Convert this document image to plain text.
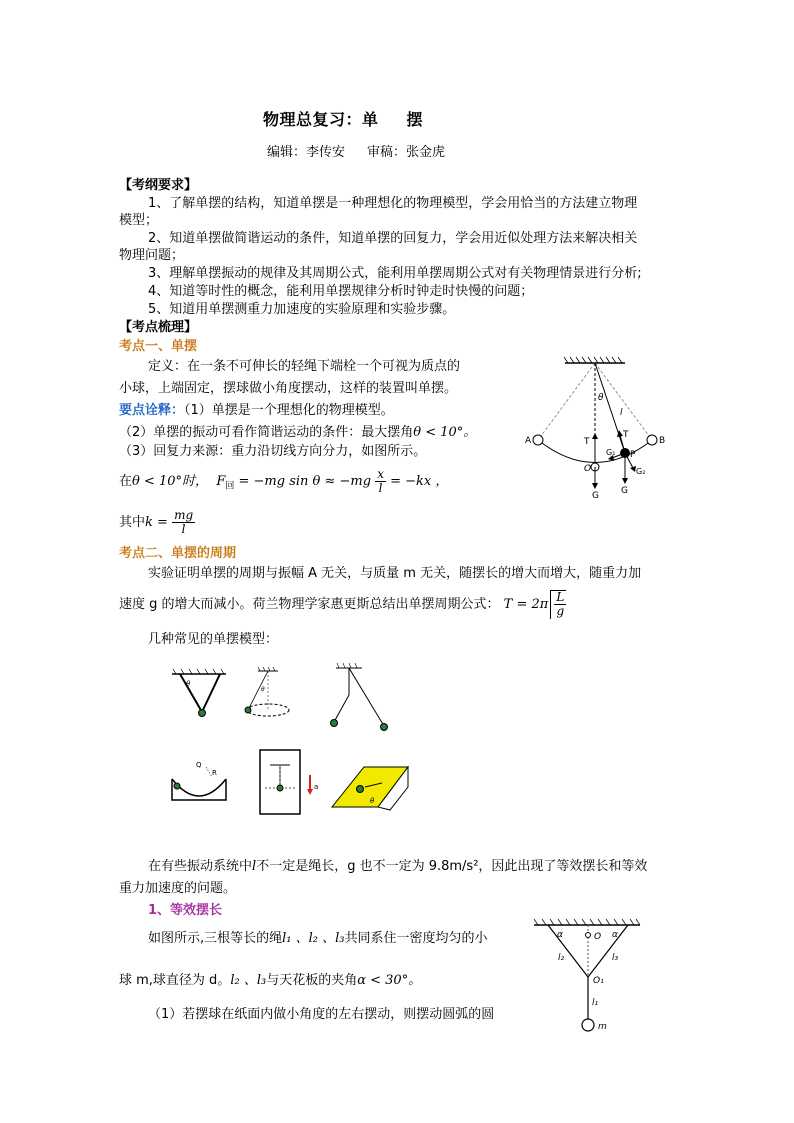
物理总复习：单 摆
编辑：李传安 审稿：张金虎
【考纲要求】
1、了解单摆的结构，知道单摆是一种理想化的物理模型，学会用恰当的方法建立物理
模型；
2、知道单摆做简谐运动的条件，知道单摆的回复力，学会用近似处理方法来解决相关
物理问题；
3、理解单摆振动的规律及其周期公式，能利用单摆周期公式对有关物理情景进行分析;
4、知道等时性的概念，能利用单摆规律分析时钟走时快慢的问题；
5、知道用单摆测重力加速度的实验原理和实验步骤。
【考点梳理】
考点一、单摆
定义：在一条不可伸长的轻绳下端栓一个可视为质点的
小球，上端固定，摆球做小角度摆动，这样的装置叫单摆。
要点诠释：（1）单摆是一个理想化的物理模型。
（2）单摆的振动可看作简谐运动的条件：最大摆角θ < 10°。
（3）回复力来源：重力沿切线方向分力，如图所示。
在θ < 10°时， $F_回 = -mg$ $\sin \theta \approx -mg \frac{x}{l} = -kx$ ，
其中$k = \frac{mg}{l}$
考点二、单摆的周期
实验证明单摆的周期与振幅 A 无关，与质量 m 无关，随摆长的增大而增大，随重力加
速度 g 的增大而减小。荷兰物理学家惠更斯总结出单摆周期公式： $T = 2\pi \frac{L}{g}$
几种常见的单摆模型：
θ
l
T
T
A	B
O
P
G G
G₁
G₂
θ
θ
Q
R
a
θ
在有些振动系统中l不一定是绳长，g 也不一定为 9.8m/s²，因此出现了等效摆长和等效
重力加速度的问题。
1、等效摆长
如图所示,三根等长的绳l₁ 、l₂ 、l₃共同系住一密度均匀的小
球 m,球直径为 d。l₂ 、l₃与天花板的夹角α < 30°。
（1）若摆球在纸面内做小角度的左右摆动，则摆动圆弧的圆
α	α
O
l₂	l₃
O₁
l₁
m
